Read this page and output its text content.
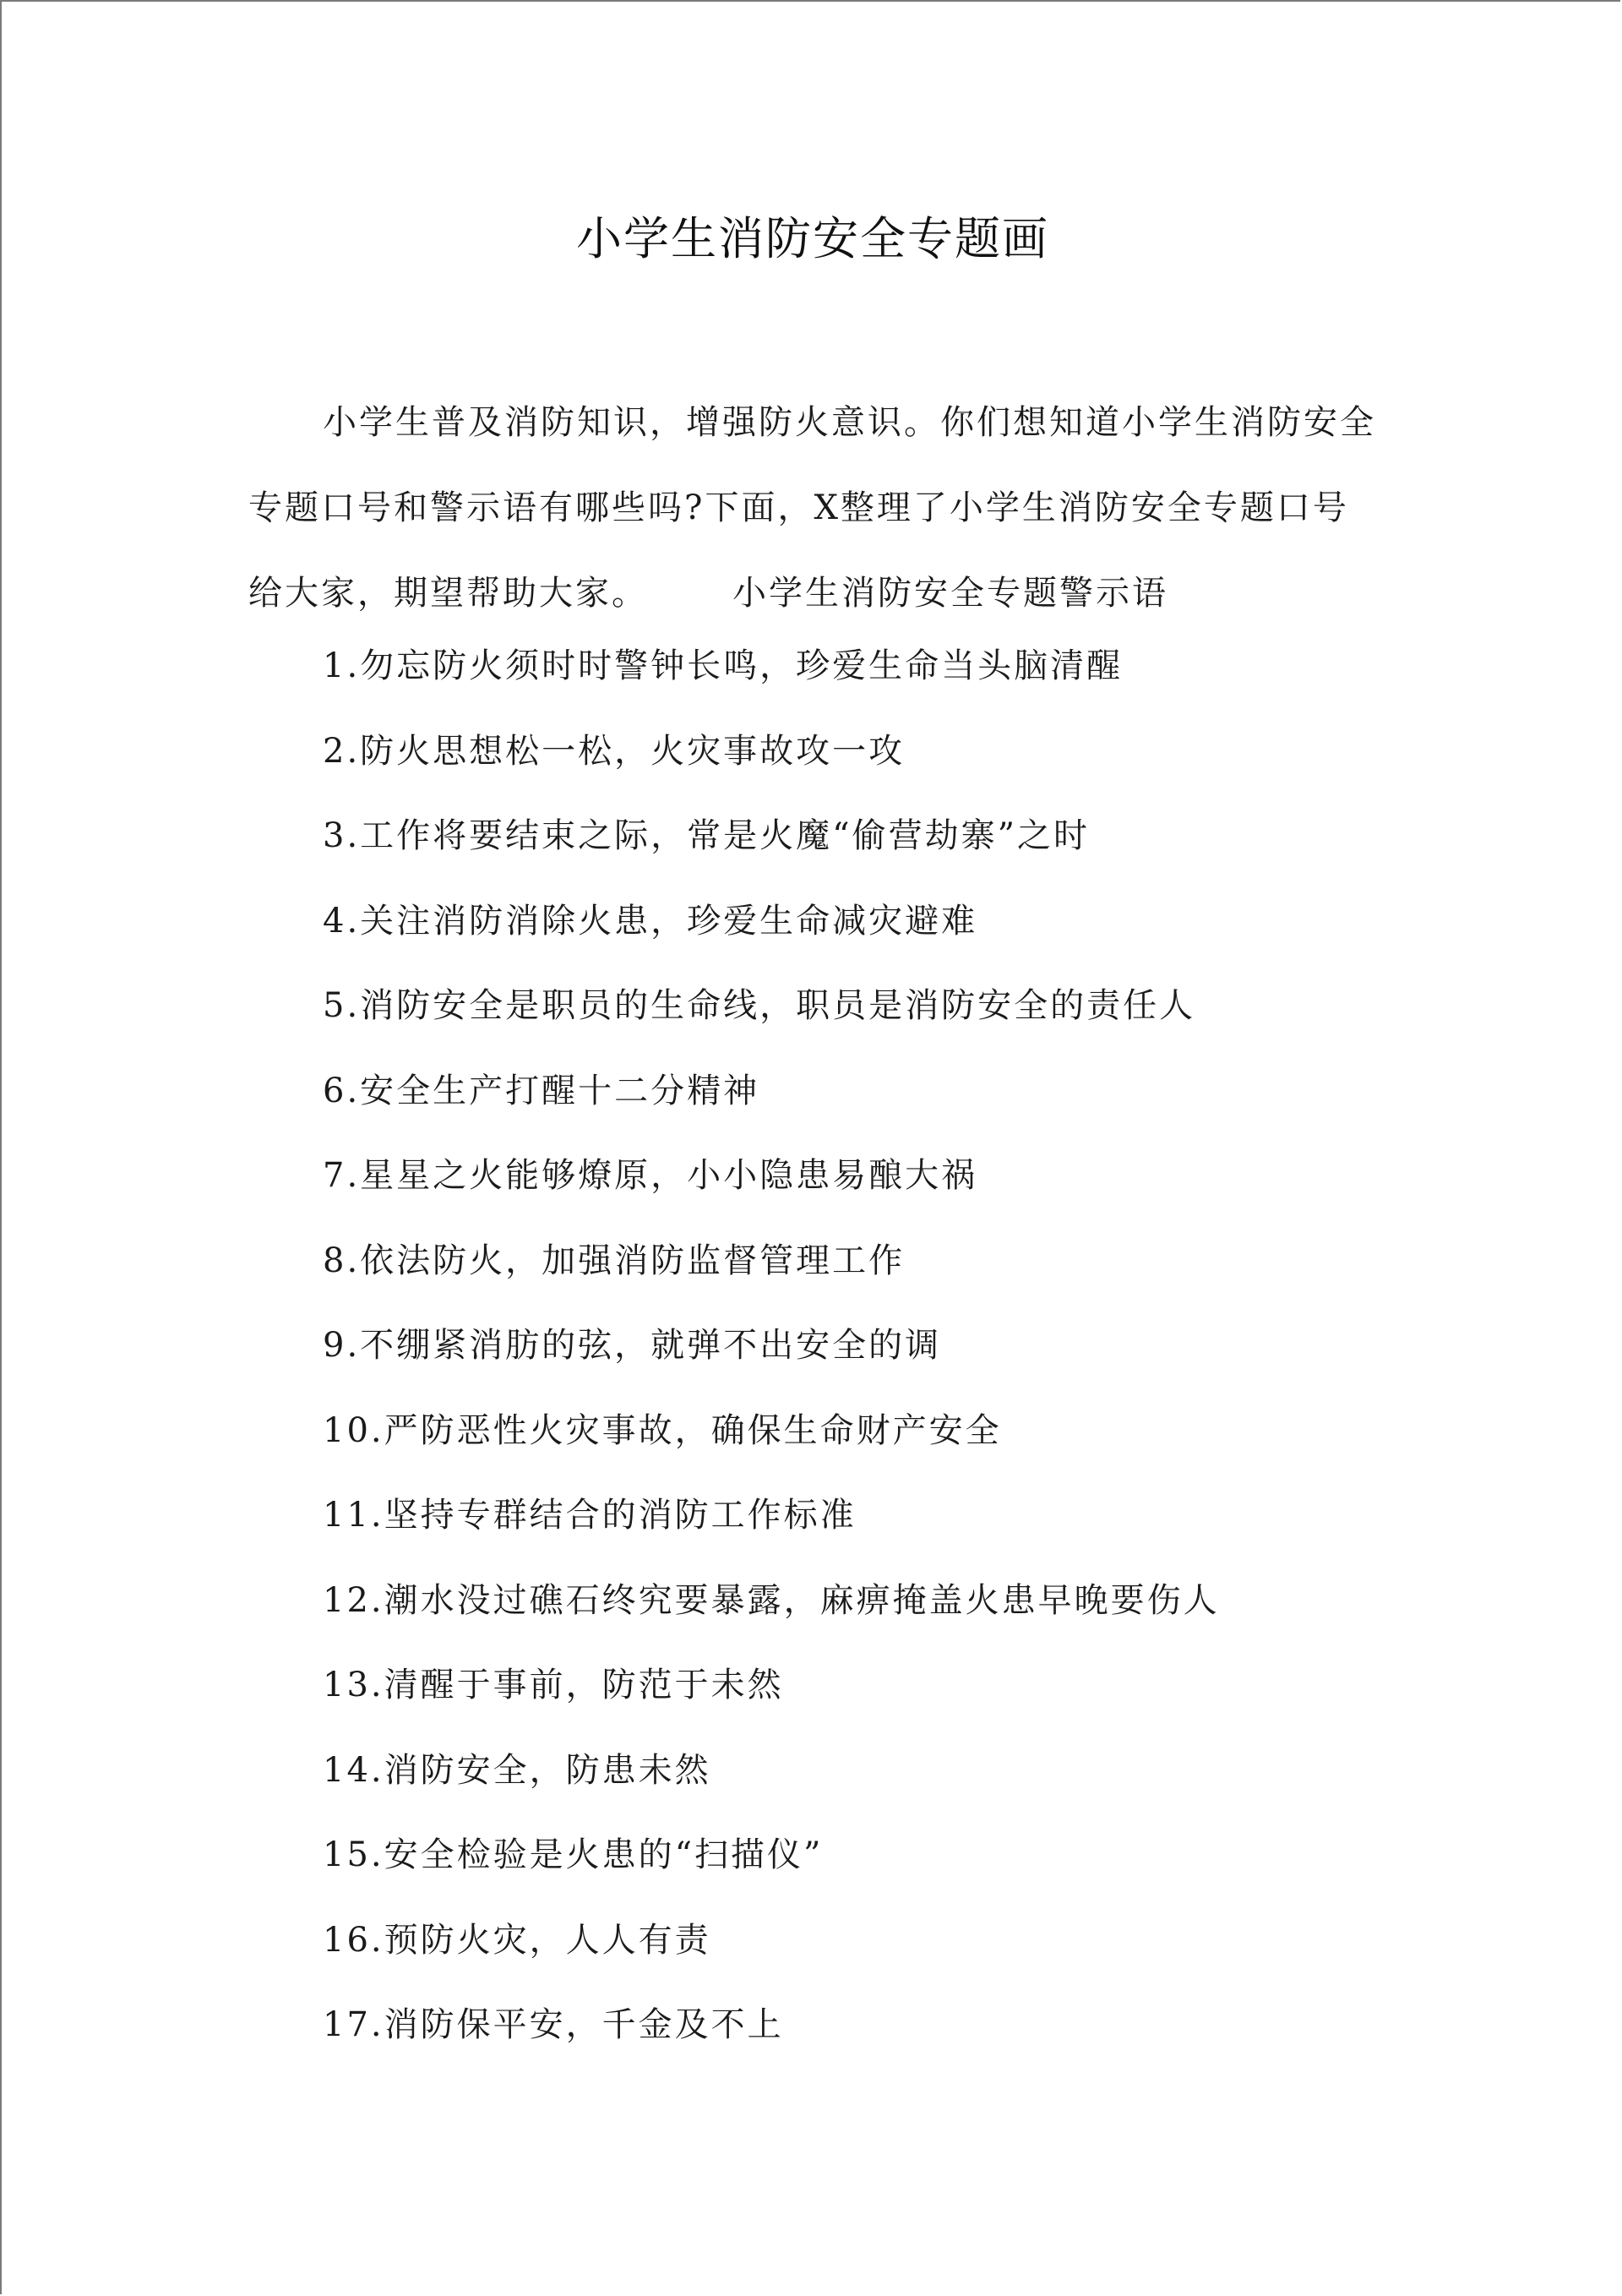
小学生消防安全专题画

小学生普及消防知识，增强防火意识。你们想知道小学生消防安全专题口号和警示语有哪些吗?下面，X整理了小学生消防安全专题口号给大家，期望帮助大家。	小学生消防安全专题警示语

1.勿忘防火须时时警钟长鸣，珍爱生命当头脑清醒
2.防火思想松一松，火灾事故攻一攻
3.工作将要结束之际，常是火魔“偷营劫寨”之时
4.关注消防消除火患，珍爱生命减灾避难
5.消防安全是职员的生命线，职员是消防安全的责任人
6.安全生产打醒十二分精神
7.星星之火能够燎原，小小隐患易酿大祸
8.依法防火，加强消防监督管理工作
9.不绷紧消肪的弦，就弹不出安全的调
10.严防恶性火灾事故，确保生命财产安全
11.坚持专群结合的消防工作标准
12.潮水没过礁石终究要暴露，麻痹掩盖火患早晚要伤人
13.清醒于事前，防范于未然
14.消防安全，防患未然
15.安全检验是火患的“扫描仪”
16.预防火灾，人人有责
17.消防保平安，千金及不上
